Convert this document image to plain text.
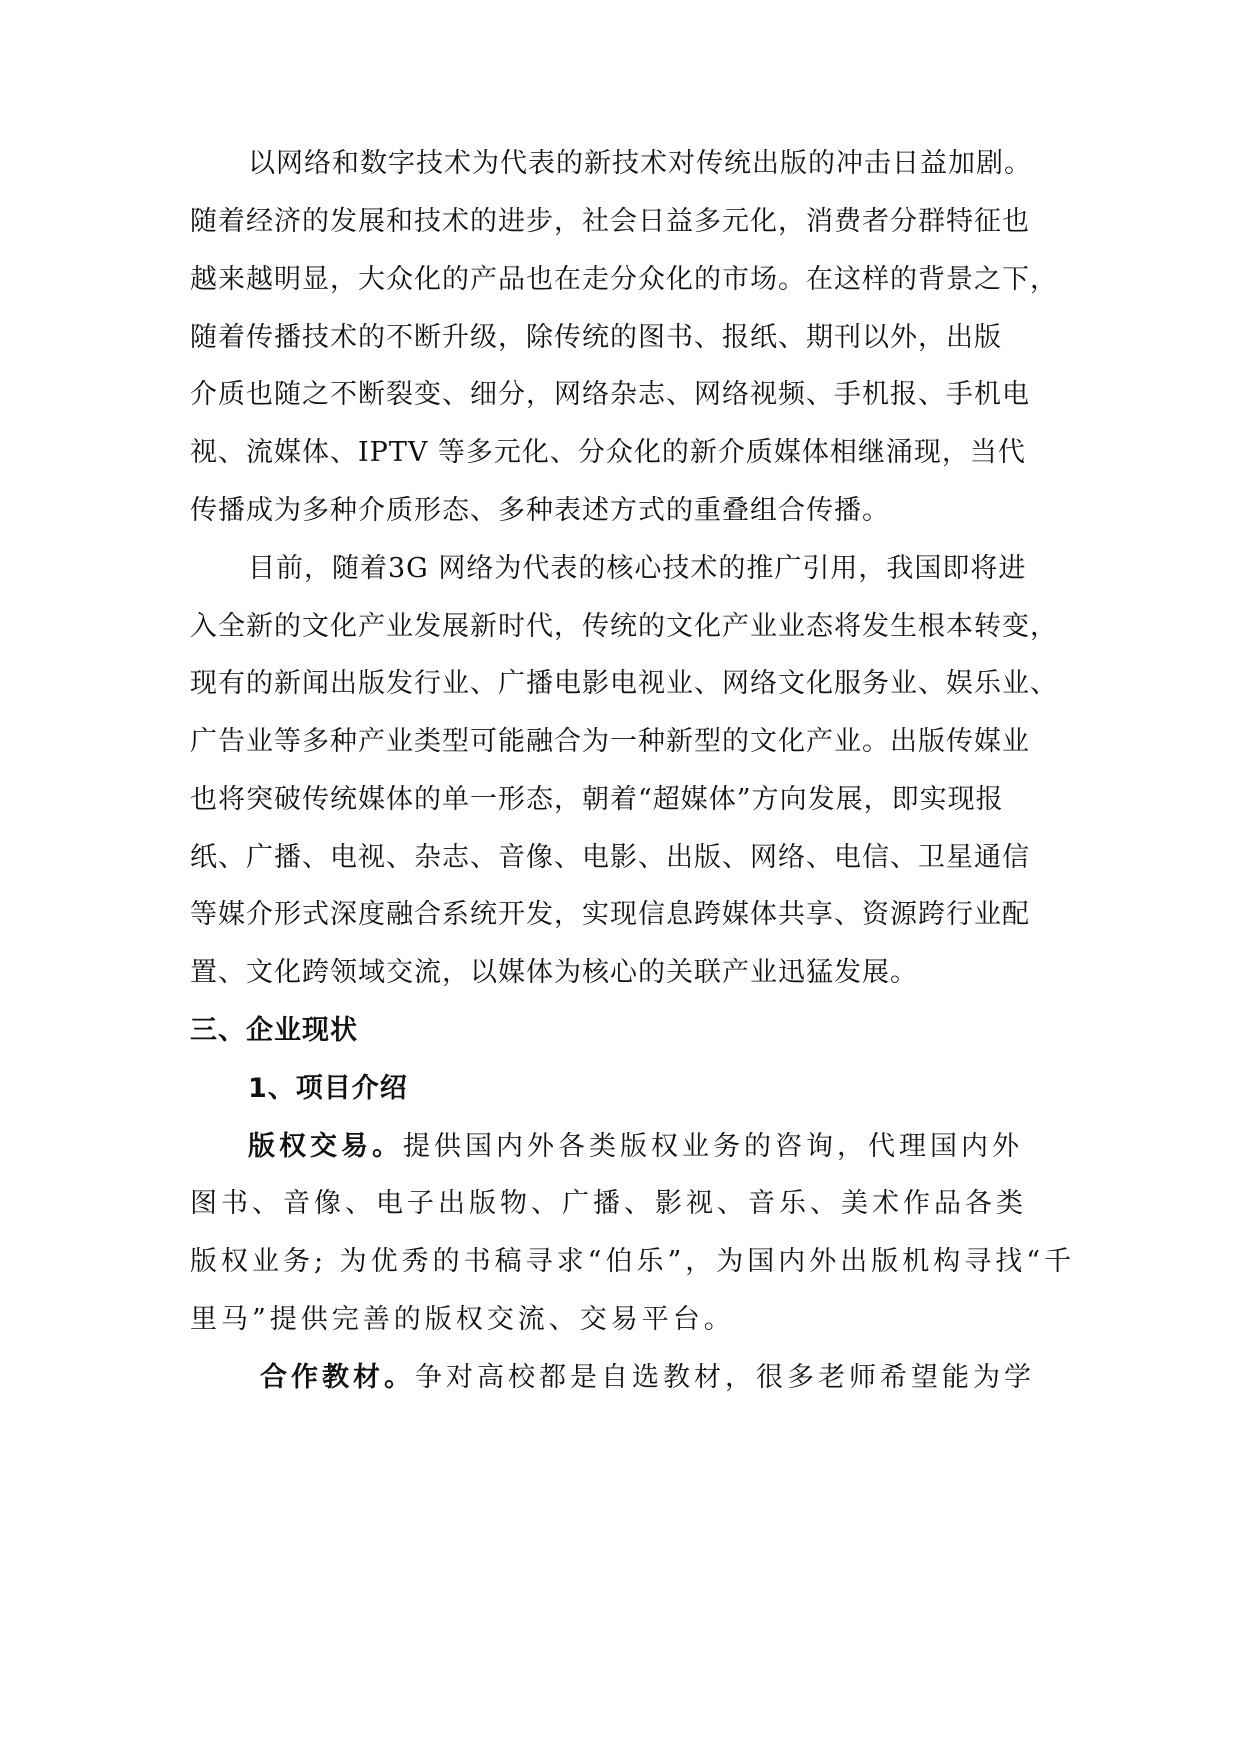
以网络和数字技术为代表的新技术对传统出版的冲击日益加剧。
随着经济的发展和技术的进步，社会日益多元化，消费者分群特征也
越来越明显，大众化的产品也在走分众化的市场。在这样的背景之下，
随着传播技术的不断升级，除传统的图书、报纸、期刊以外，出版
介质也随之不断裂变、细分，网络杂志、网络视频、手机报、手机电
视、流媒体、IPTV 等多元化、分众化的新介质媒体相继涌现，当代
传播成为多种介质形态、多种表述方式的重叠组合传播。
目前，随着3G 网络为代表的核心技术的推广引用，我国即将进
入全新的文化产业发展新时代，传统的文化产业业态将发生根本转变，
现有的新闻出版发行业、广播电影电视业、网络文化服务业、娱乐业、
广告业等多种产业类型可能融合为一种新型的文化产业。出版传媒业
也将突破传统媒体的单一形态，朝着“超媒体”方向发展，即实现报
纸、广播、电视、杂志、音像、电影、出版、网络、电信、卫星通信
等媒介形式深度融合系统开发，实现信息跨媒体共享、资源跨行业配
置、文化跨领域交流，以媒体为核心的关联产业迅猛发展。
三、企业现状
1、项目介绍
版权交易。提供国内外各类版权业务的咨询，代理国内外
图书、音像、电子出版物、广播、影视、音乐、美术作品各类
版权业务; 为优秀的书稿寻求“伯乐”，为国内外出版机构寻找“千
里马”提供完善的版权交流、交易平台。
合作教材。争对高校都是自选教材，很多老师希望能为学
